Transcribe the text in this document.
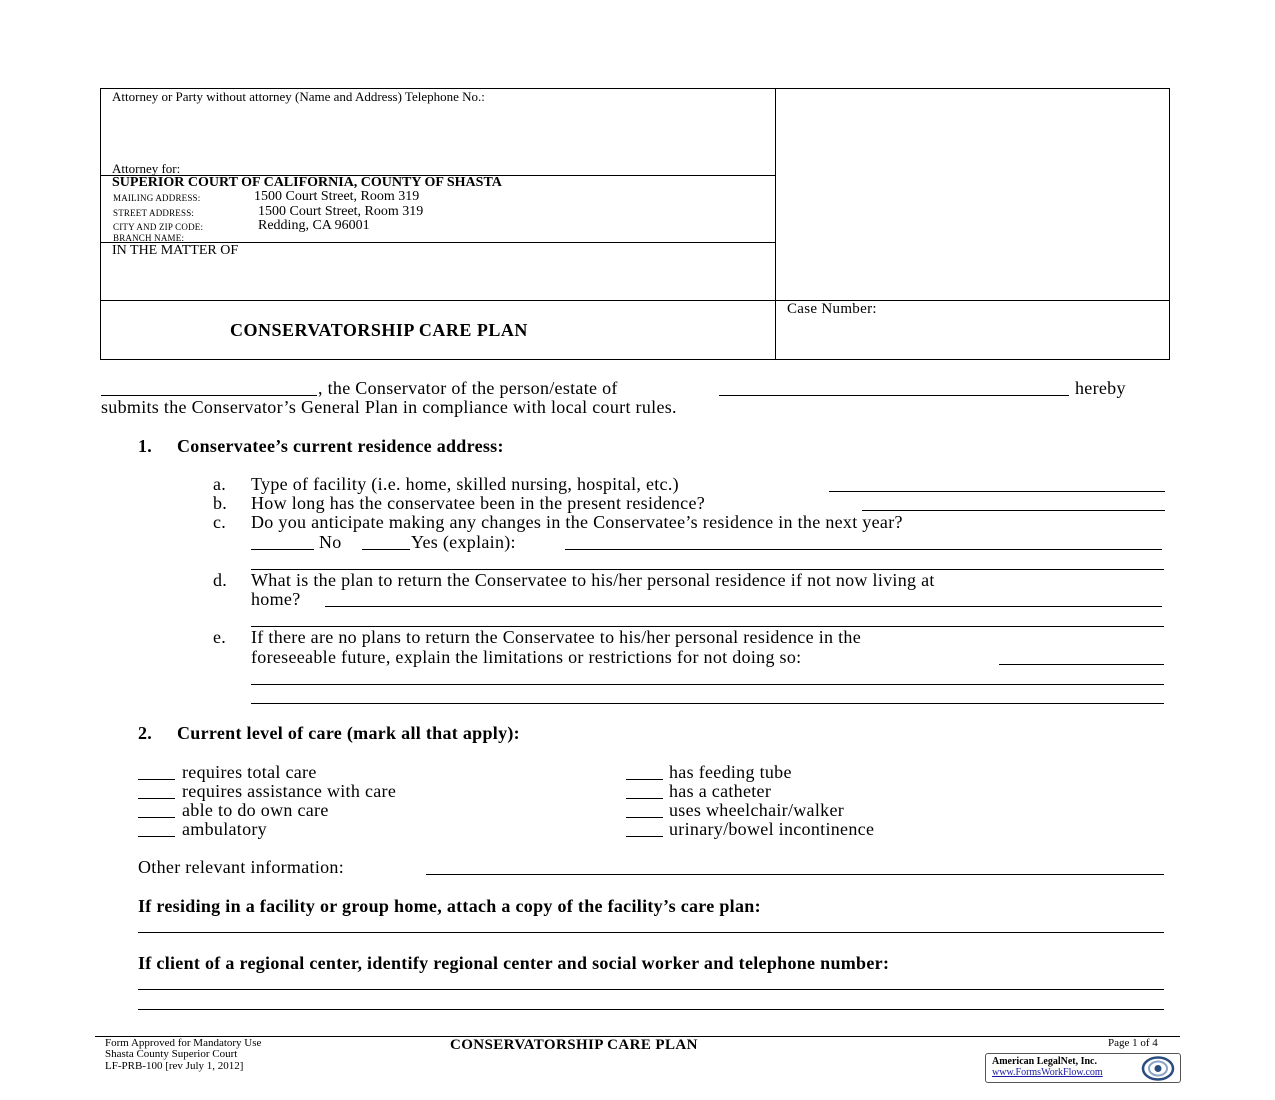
Attorney or Party without attorney (Name and Address) Telephone No.:
Attorney for:
SUPERIOR COURT OF CALIFORNIA, COUNTY OF SHASTA
MAILING ADDRESS:	1500 Court Street, Room 319
STREET ADDRESS:	1500 Court Street, Room 319
CITY AND ZIP CODE:	Redding, CA 96001
BRANCH NAME:
IN THE MATTER OF
CONSERVATORSHIP CARE PLAN
Case Number:
, the Conservator of the person/estate of	hereby
submits the Conservator’s General Plan in compliance with local court rules.
1. Conservatee’s current residence address:
a. Type of facility (i.e. home, skilled nursing, hospital, etc.)
b. How long has the conservatee been in the present residence?
c. Do you anticipate making any changes in the Conservatee’s residence in the next year?
No	Yes (explain):
d. What is the plan to return the Conservatee to his/her personal residence if not now living at
home?
e. If there are no plans to return the Conservatee to his/her personal residence in the
foreseeable future, explain the limitations or restrictions for not doing so:
2. Current level of care (mark all that apply):
requires total care
requires assistance with care
able to do own care
ambulatory
has feeding tube
has a catheter
uses wheelchair/walker
urinary/bowel incontinence
Other relevant information:
If residing in a facility or group home, attach a copy of the facility’s care plan:
If client of a regional center, identify regional center and social worker and telephone number:
Form Approved for Mandatory Use
Shasta County Superior Court
LF-PRB-100 [rev July 1, 2012]
CONSERVATORSHIP CARE PLAN	Page 1 of 4
American LegalNet, Inc.
www.FormsWorkFlow.com
